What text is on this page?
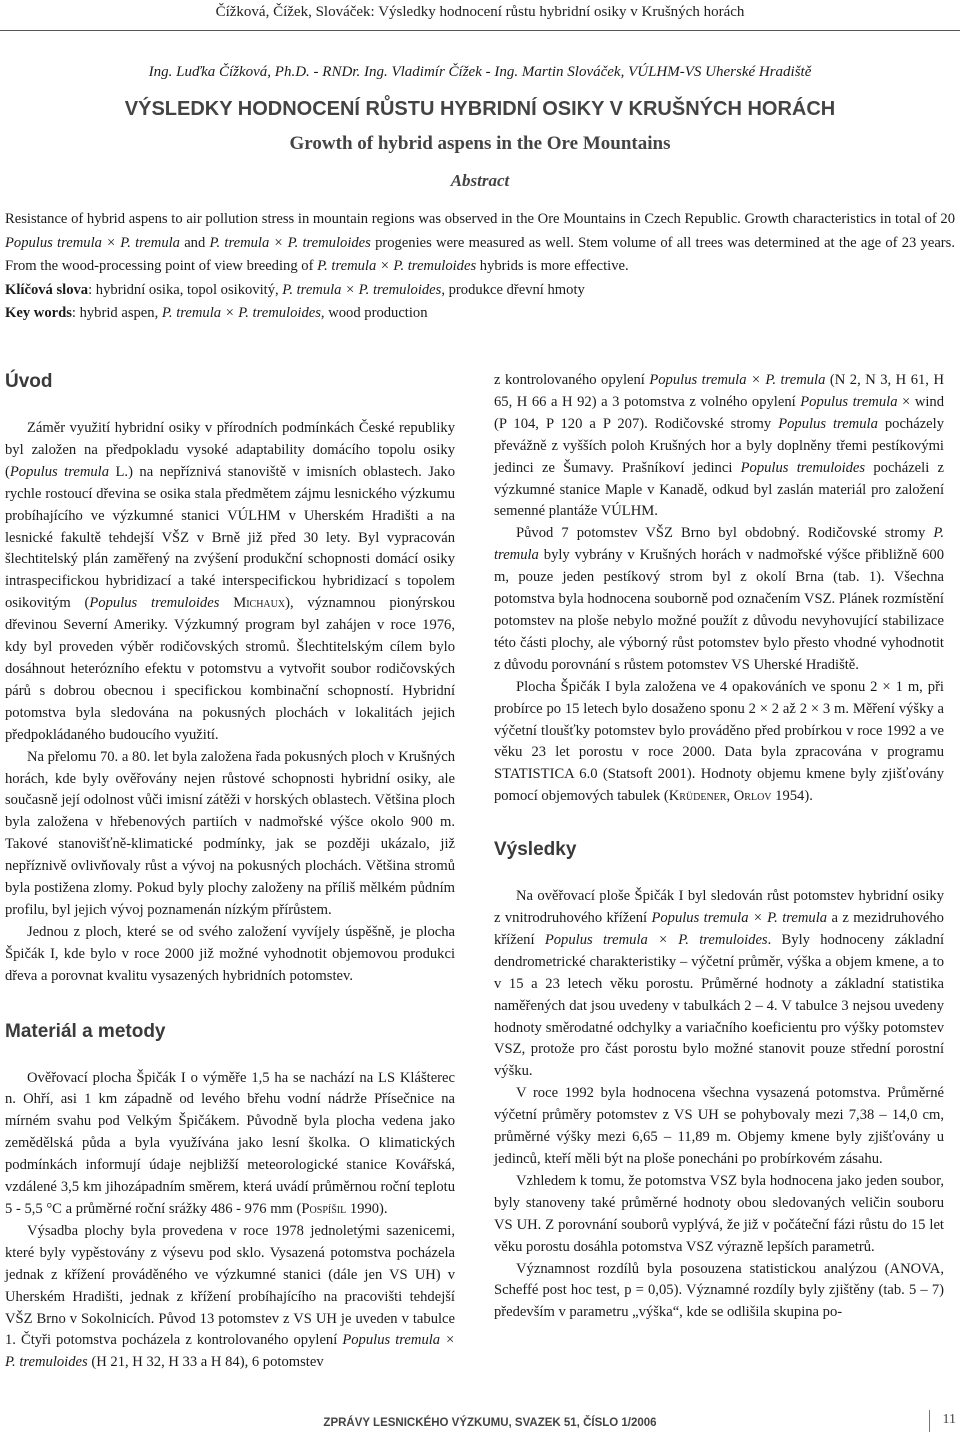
Čížková, Čížek, Slováček: Výsledky hodnocení růstu hybridní osiky v Krušných horách
Ing. Luďka Čížková, Ph.D. - RNDr. Ing. Vladimír Čížek - Ing. Martin Slováček, VÚLHM-VS Uherské Hradiště
VÝSLEDKY HODNOCENÍ RŮSTU HYBRIDNÍ OSIKY V KRUŠNÝCH HORÁCH
Growth of hybrid aspens in the Ore Mountains
Abstract

Resistance of hybrid aspens to air pollution stress in mountain regions was observed in the Ore Mountains in Czech Republic. Growth characteristics in total of 20 Populus tremula × P. tremula and P. tremula × P. tremuloides progenies were measured as well. Stem volume of all trees was determined at the age of 23 years. From the wood-processing point of view breeding of P. tremula × P. tremuloides hybrids is more effective.

Klíčová slova: hybridní osika, topol osikovitý, P. tremula × P. tremuloides, produkce dřevní hmoty

Key words: hybrid aspen, P. tremula × P. tremuloides, wood production

Úvod

Záměr využití hybridní osiky v přírodních podmínkách České republiky byl založen na předpokladu vysoké adaptability domácího topolu osiky (Populus tremula L.) na nepříznivá stanoviště v imisních oblastech. Jako rychle rostoucí dřevina se osika stala předmětem zájmu lesnického výzkumu probíhajícího ve výzkumné stanici VÚLHM v Uherském Hradišti a na lesnické fakultě tehdejší VŠZ v Brně již před 30 lety. Byl vypracován šlechtitelský plán zaměřený na zvýšení produkční schopnosti domácí osiky intraspecifickou hybridizací a také interspecifickou hybridizací s topolem osikovitým (Populus tremuloides Michaux), významnou pionýrskou dřevinou Severní Ameriky. Výzkumný program byl zahájen v roce 1976, kdy byl proveden výběr rodičovských stromů. Šlechtitelským cílem bylo dosáhnout heterózního efektu v potomstvu a vytvořit soubor rodičovských párů s dobrou obecnou i specifickou kombinační schopností. Hybridní potomstva byla sledována na pokusných plochách v lokalitách jejich předpokládaného budoucího využití.

Na přelomu 70. a 80. let byla založena řada pokusných ploch v Krušných horách, kde byly ověřovány nejen růstové schopnosti hybridní osiky, ale současně její odolnost vůči imisní zátěži v horských oblastech. Většina ploch byla založena v hřebenových partiích v nadmořské výšce okolo 900 m. Takové stanovišťně-klimatické podmínky, jak se později ukázalo, již nepříznivě ovlivňovaly růst a vývoj na pokusných plochách. Většina stromů byla postižena zlomy. Pokud byly plochy založeny na příliš mělkém půdním profilu, byl jejich vývoj poznamenán nízkým přírůstem.

Jednou z ploch, které se od svého založení vyvíjely úspěšně, je plocha Špičák I, kde bylo v roce 2000 již možné vyhodnotit objemovou produkci dřeva a porovnat kvalitu vysazených hybridních potomstev.

Materiál a metody

Ověřovací plocha Špičák I o výměře 1,5 ha se nachází na LS Klášterec n. Ohří, asi 1 km západně od levého břehu vodní nádrže Přísečnice na mírném svahu pod Velkým Špičákem. Původně byla plocha vedena jako zemědělská půda a byla využívána jako lesní školka. O klimatických podmínkách informují údaje nejbližší meteorologické stanice Kovářská, vzdálené 3,5 km jihozápadním směrem, která uvádí průměrnou roční teplotu 5 - 5,5 °C a průměrné roční srážky 486 - 976 mm (Pospíšil 1990).

Výsadba plochy byla provedena v roce 1978 jednoletými sazenicemi, které byly vypěstovány z výsevu pod sklo. Vysazená potomstva pocházela jednak z křížení prováděného ve výzkumné stanici (dále jen VS UH) v Uherském Hradišti, jednak z křížení probíhajícího na pracovišti tehdejší VŠZ Brno v Sokolnicích. Původ 13 potomstev z VS UH je uveden v tabulce 1. Čtyři potomstva pocházela z kontrolovaného opylení Populus tremula × P. tremuloides (H 21, H 32, H 33 a H 84), 6 potomstev

z kontrolovaného opylení Populus tremula × P. tremula (N 2, N 3, H 61, H 65, H 66 a H 92) a 3 potomstva z volného opylení Populus tremula × wind (P 104, P 120 a P 207). Rodičovské stromy Populus tremula pocházely převážně z vyšších poloh Krušných hor a byly doplněny třemi pestíkovými jedinci ze Šumavy. Prašníkoví jedinci Populus tremuloides pocházeli z výzkumné stanice Maple v Kanadě, odkud byl zaslán materiál pro založení semenné plantáže VÚLHM.

Původ 7 potomstev VŠZ Brno byl obdobný. Rodičovské stromy P. tremula byly vybrány v Krušných horách v nadmořské výšce přibližně 600 m, pouze jeden pestíkový strom byl z okolí Brna (tab. 1). Všechna potomstva byla hodnocena souborně pod označením VSZ. Plánek rozmístění potomstev na ploše nebylo možné použít z důvodu nevyhovující stabilizace této části plochy, ale výborný růst potomstev bylo přesto vhodné vyhodnotit z důvodu porovnání s růstem potomstev VS Uherské Hradiště.

Plocha Špičák I byla založena ve 4 opakováních ve sponu 2 × 1 m, při probírce po 15 letech bylo dosaženo sponu 2 × 2 až 2 × 3 m. Měření výšky a výčetní tloušťky potomstev bylo prováděno před probírkou v roce 1992 a ve věku 23 let porostu v roce 2000. Data byla zpracována v programu STATISTICA 6.0 (Statsoft 2001). Hodnoty objemu kmene byly zjišťovány pomocí objemových tabulek (Krüdener, Orlov 1954).

Výsledky

Na ověřovací ploše Špičák I byl sledován růst potomstev hybridní osiky z vnitrodruhového křížení Populus tremula × P. tremula a z mezidruhového křížení Populus tremula × P. tremuloides. Byly hodnoceny základní dendrometrické charakteristiky – výčetní průměr, výška a objem kmene, a to v 15 a 23 letech věku porostu. Průměrné hodnoty a základní statistika naměřených dat jsou uvedeny v tabulkách 2 – 4. V tabulce 3 nejsou uvedeny hodnoty směrodatné odchylky a variačního koeficientu pro výšky potomstev VSZ, protože pro část porostu bylo možné stanovit pouze střední porostní výšku.

V roce 1992 byla hodnocena všechna vysazená potomstva. Průměrné výčetní průměry potomstev z VS UH se pohybovaly mezi 7,38 – 14,0 cm, průměrné výšky mezi 6,65 – 11,89 m. Objemy kmene byly zjišťovány u jedinců, kteří měli být na ploše ponecháni po probírkovém zásahu.

Vzhledem k tomu, že potomstva VSZ byla hodnocena jako jeden soubor, byly stanoveny také průměrné hodnoty obou sledovaných veličin souboru VS UH. Z porovnání souborů vyplývá, že již v počáteční fázi růstu do 15 let věku porostu dosáhla potomstva VSZ výrazně lepších parametrů.

Významnost rozdílů byla posouzena statistickou analýzou (ANOVA, Scheffé post hoc test, p = 0,05). Významné rozdíly byly zjištěny (tab. 5 – 7) především v parametru „výška“, kde se odlišila skupina po-

ZPRÁVY LESNICKÉHO VÝZKUMU, SVAZEK 51, ČÍSLO 1/2006	11
